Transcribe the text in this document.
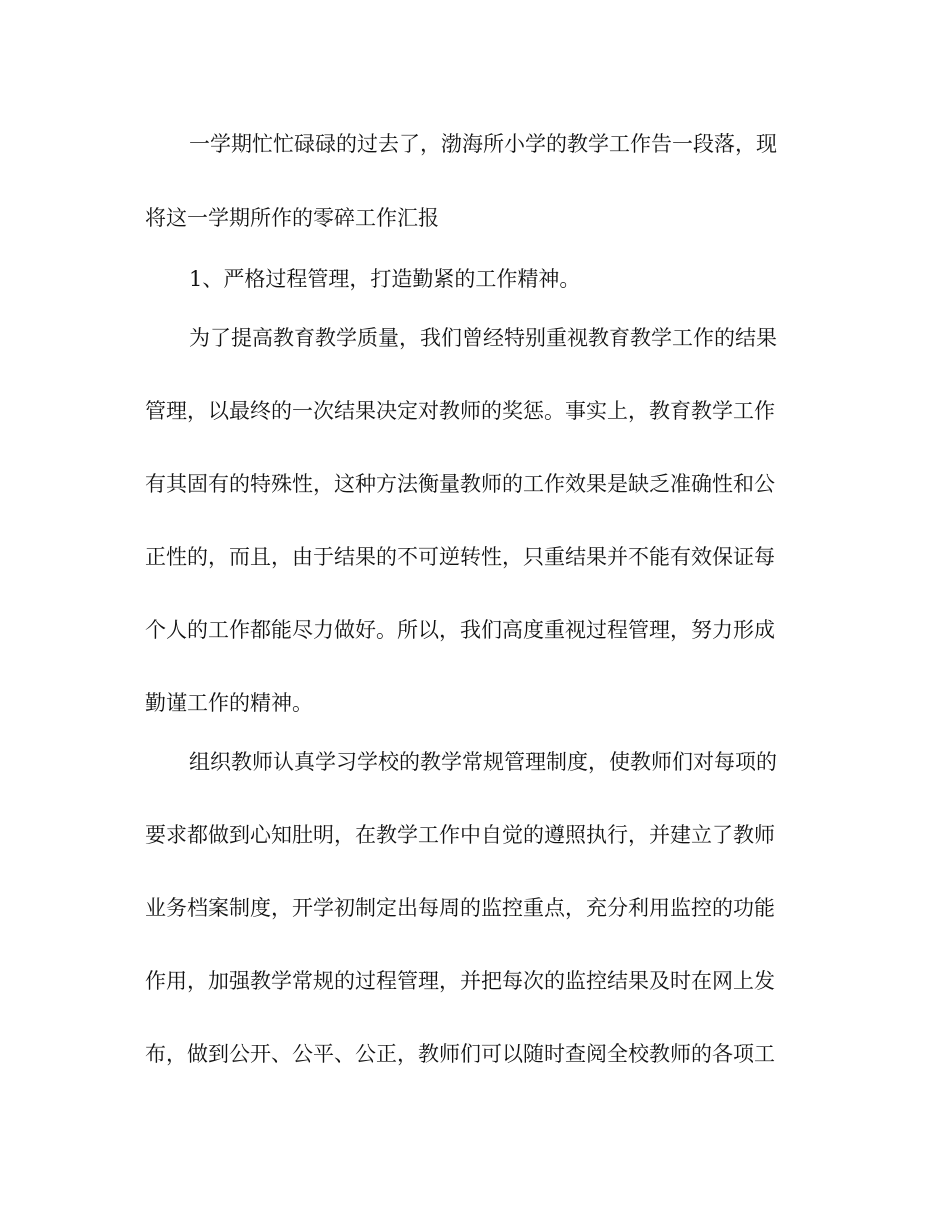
一学期忙忙碌碌的过去了，渤海所小学的教学工作告一段落，现
将这一学期所作的零碎工作汇报
1、严格过程管理，打造勤紧的工作精神。
为了提高教育教学质量，我们曾经特别重视教育教学工作的结果
管理，以最终的一次结果决定对教师的奖惩。事实上，教育教学工作
有其固有的特殊性，这种方法衡量教师的工作效果是缺乏准确性和公
正性的，而且，由于结果的不可逆转性，只重结果并不能有效保证每
个人的工作都能尽力做好。所以，我们高度重视过程管理，努力形成
勤谨工作的精神。
组织教师认真学习学校的教学常规管理制度，使教师们对每项的
要求都做到心知肚明，在教学工作中自觉的遵照执行，并建立了教师
业务档案制度，开学初制定出每周的监控重点，充分利用监控的功能
作用，加强教学常规的过程管理，并把每次的监控结果及时在网上发
布，做到公开、公平、公正，教师们可以随时查阅全校教师的各项工
